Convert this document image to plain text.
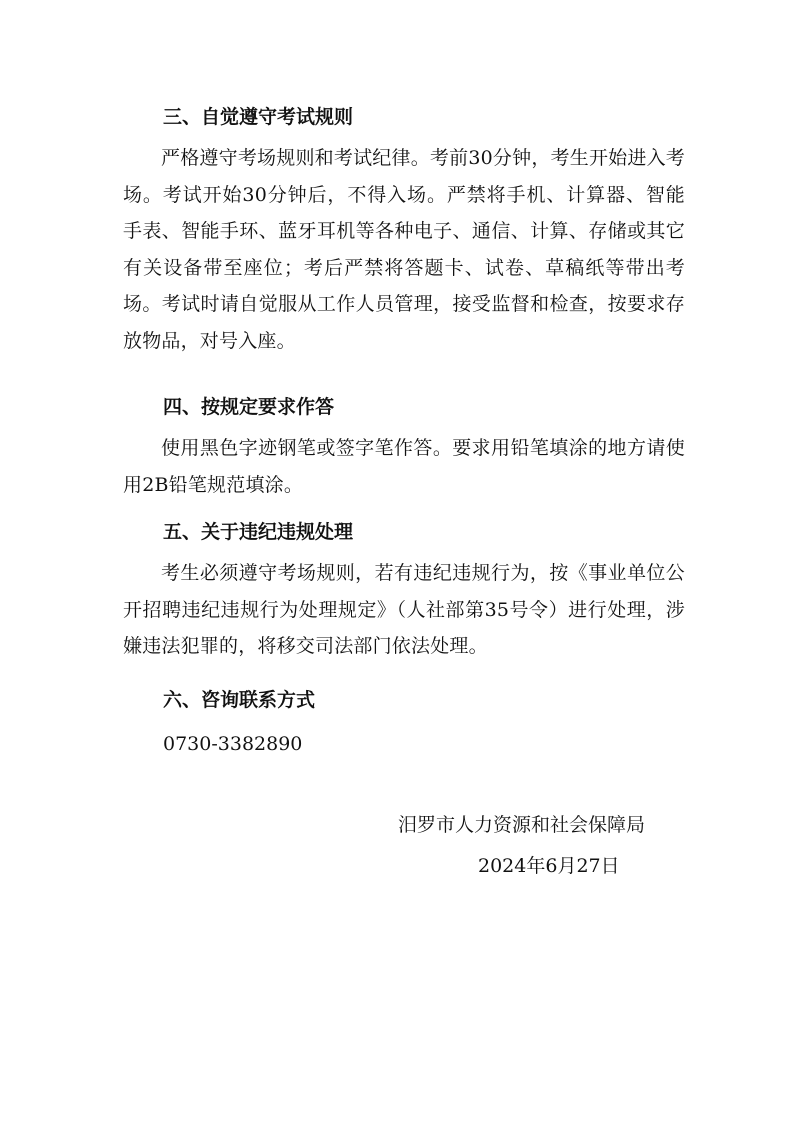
三、自觉遵守考试规则
严格遵守考场规则和考试纪律。考前30分钟，考生开始进入考场。考试开始30分钟后，不得入场。严禁将手机、计算器、智能手表、智能手环、蓝牙耳机等各种电子、通信、计算、存储或其它有关设备带至座位；考后严禁将答题卡、试卷、草稿纸等带出考场。考试时请自觉服从工作人员管理，接受监督和检查，按要求存放物品，对号入座。
四、按规定要求作答
使用黑色字迹钢笔或签字笔作答。要求用铅笔填涂的地方请使用2B铅笔规范填涂。
五、关于违纪违规处理
考生必须遵守考场规则，若有违纪违规行为，按《事业单位公开招聘违纪违规行为处理规定》（人社部第35号令）进行处理，涉嫌违法犯罪的，将移交司法部门依法处理。
六、咨询联系方式
0730-3382890
汨罗市人力资源和社会保障局
2024年6月27日
